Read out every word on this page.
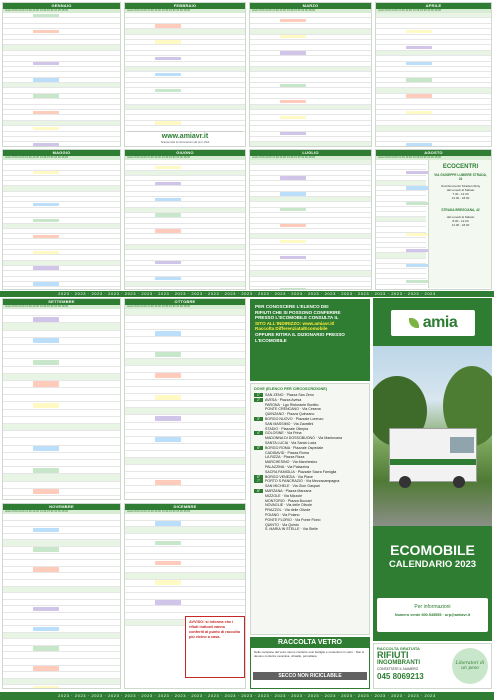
GENNAIO
orario 8.00-11.00 11.00-13.00 13.30-15.30 16.00-18.00
FEBBRAIO
orario 8.00-11.00 11.00-13.00 13.30-15.30 16.00-18.00
www.amiavr.it
Scarica tutte le informazioni utili per i rifiuti
MARZO
orario 8.00-11.00 11.00-13.00 13.30-15.30 16.00-18.00
APRILE
orario 8.00-11.00 11.00-13.00 13.30-15.30 16.00-18.00
MAGGIO
orario 8.00-11.00 11.00-13.00 13.30-15.30 16.00-18.00
GIUGNO
orario 8.00-11.00 11.00-13.00 13.30-15.30 16.00-18.00
LUGLIO
orario 8.00-11.00 11.00-13.00 13.30-15.30 16.00-18.00
AGOSTO
orario 8.00-11.00 11.00-13.00 13.30-15.30 16.00-18.00
ECOCENTRI
VIA GIUSEPPE LUMIERE STRADA, 24
Orari Ecocentri Strada Infinity
dal Lunedì al Sabato
7.30 - 13.30
14.00 - 18.00
STRADA BRESCIANA, 42
dal Lunedì al Sabato
8.00 - 12.00
14.00 - 18.00
2023 · 2023 · 2023 · 2023 · 2023 · 2023 · 2023 · 2023 · 2023 · 2023 · 2023 · 2023 · 2023 · 2023 · 2023 · 2023 · 2023 · 2023 · 2023 · 2023 · 2023 · 2023 · 2023
SETTEMBRE
orario 8.00-11.00 11.00-13.00 13.30-15.30 16.00-18.00
OTTOBRE
orario 8.00-11.00 11.00-13.00 13.30-15.30 16.00-18.00
NOVEMBRE
orario 8.00-11.00 11.00-13.00 13.30-15.30 16.00-18.00
DICEMBRE
orario 8.00-11.00 11.00-13.00 13.30-15.30 16.00-18.00
AVVISO: si informa che i rifiuti indicati vanno conferiti al punto di raccolta più vicino a casa.
2023 · 2023 · 2023 · 2023 · 2023 · 2023 · 2023 · 2023 · 2023 · 2023 · 2023 · 2023 · 2023 · 2023 · 2023 · 2023 · 2023 · 2023 · 2023 · 2023 · 2023 · 2023 · 2023
PER CONOSCERE L'ELENCO DEI
RIFIUTI CHE SI POSSONO CONFERIRE
PRESSO L'ECOMOBILE CONSULTA IL
SITO ALL'INDIRIZZO: www.amiavr.it/
Raccolta Differenziata/Ecomobile
OPPURE RITIRA IL DIZIONARIO PRESSO
L'ECOMOBILE
DOVE (ELENCO PER CIRCOSCRIZIONE)
1° SAN ZENO · Piazza San Zeno
2° AVESA · Piazza Avesa
PARONA · Lgo Ristorante Bonitto
PONTE CRENCANO · Via Cesena
QUINZANO · Piazza Quinzano
3° BORGO NUOVO · Piazzale Lorenzo
SAN MASSIMO · Via Zavattini
STADIO · Piazzale Olimpia
4° GOLOSINE · Via Prina
MADONNA DI DOSSOBUONO · Via Mantovana
SANTA LUCIA · Via Santa Lucia
5° BORGO ROMA · Piazzale Ospedale
CADIDAVID · Piazza Roma
LA RIZZA · Piazza Rizza
MARCHESINO · Via Marchesino
PALAZZINA · Via Palazzina
SACRA FAMIGLIA · Piazzale Sacra Famiglia
6° BORGO VENEZIA · Via Piave
7° PORTO S.PANCRAZIO · Via Mezzacampagna
SAN MICHELE · Via Gion Gaspari
8° MARZANA · Piazza Marzana
MIZZOLE · Via Mizzole
MONTORIO · Piazza Buccari
NOVAGLIE · Via delle Olivole
PRAZZOL · Via delle Olivole
POIANO · Via Poiano
PONTE FLORIO · Via Ponte Florio
QUINTO · Via Quinto
S. MARIA IN STELLE · Via Stelle
amia
ECOMOBILE
CALENDARIO 2023
Per informazioni
Numero verde 800.545555 · urp@amiavr.it
RACCOLTA VETRO
Nelle campane del vetro vanno conferite solo bottiglie e contenitori in vetro · Non si devono conferire ceramica, cristallo, porcellana
SECCO NON RICICLABILE
RACCOLTA GRATUITA
RIFIUTI
INGOMBRANTI
CONTATTATE IL NUMERO
045 8069213
Liberatori di un peso
